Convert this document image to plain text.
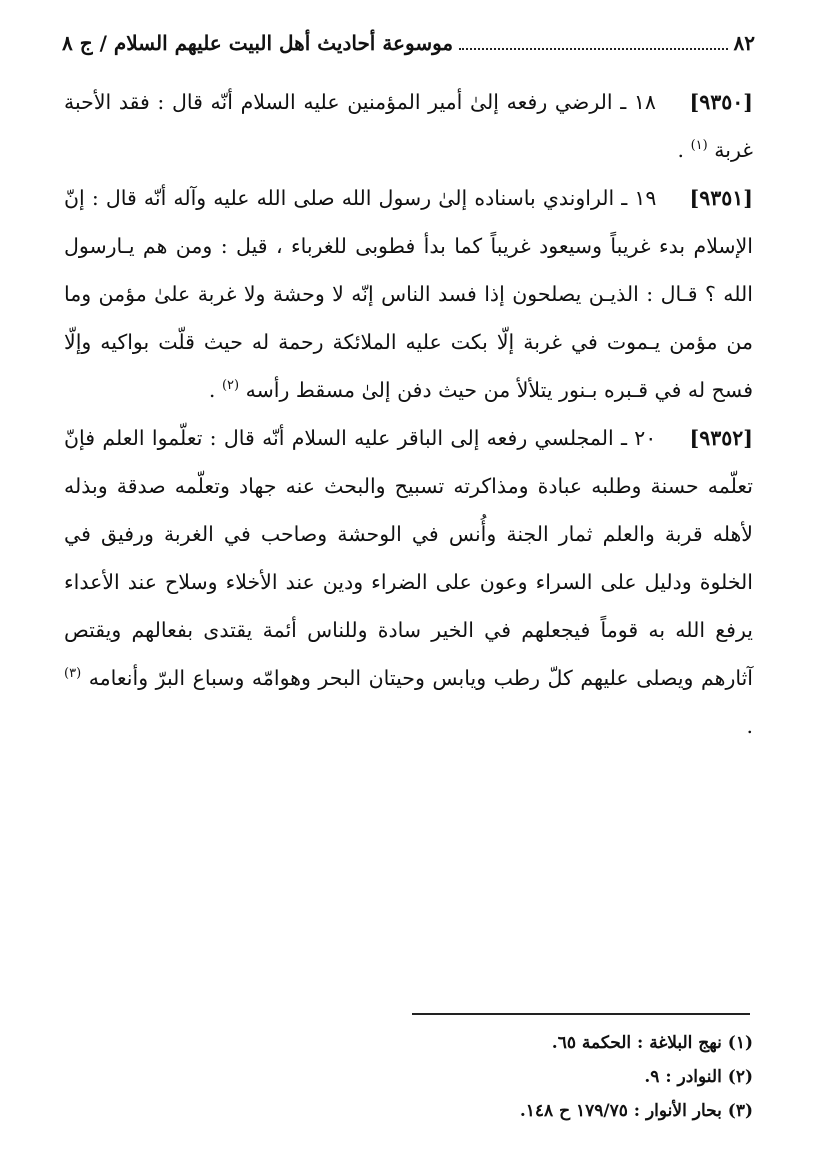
٨٢
موسوعة أحاديث أهل البيت عليهم السلام / ج ٨

[٩٣٥٠] ١٨ ـ الرضي رفعه إلىٰ أمير المؤمنين عليه السلام أنّه قال : فقد الأحبة غربة $^{(١)}$ .

[٩٣٥١] ١٩ ـ الراوندي باسناده إلىٰ رسول الله صلى الله عليه وآله أنّه قال : إنّ الإسلام بدء غريباً وسيعود غريباً كما بدأ فطوبى للغرباء ، قيل : ومن هم يـارسول الله ؟ قـال : الذيـن يصلحون إذا فسد الناس إنّه لا وحشة ولا غربة علىٰ مؤمن وما من مؤمن يـموت في غربة إلّا بكت عليه الملائكة رحمة له حيث قلّت بواكيه وإلّا فسح له في قـبره بـنور يتلألأ من حيث دفن إلىٰ مسقط رأسه $^{(٢)}$ .

[٩٣٥٢] ٢٠ ـ المجلسي رفعه إلى الباقر عليه السلام أنّه قال : تعلّموا العلم فإنّ تعلّمه حسنة وطلبه عبادة ومذاكرته تسبيح والبحث عنه جهاد وتعلّمه صدقة وبذله لأهله قربة والعلم ثمار الجنة وأُنس في الوحشة وصاحب في الغربة ورفيق في الخلوة ودليل على السراء وعون على الضراء ودين عند الأخلاء وسلاح عند الأعداء يرفع الله به قوماً فيجعلهم في الخير سادة وللناس أئمة يقتدى بفعالهم ويقتص آثارهم ويصلى عليهم كلّ رطب ويابس وحيتان البحر وهوامّه وسباع البرّ وأنعامه $^{(٣)}$ .

(١) نهج البلاغة : الحكمة ٦٥.

(٢) النوادر : ٩.

(٣) بحار الأنوار : ١٧٩/٧٥ ح ١٤٨.
